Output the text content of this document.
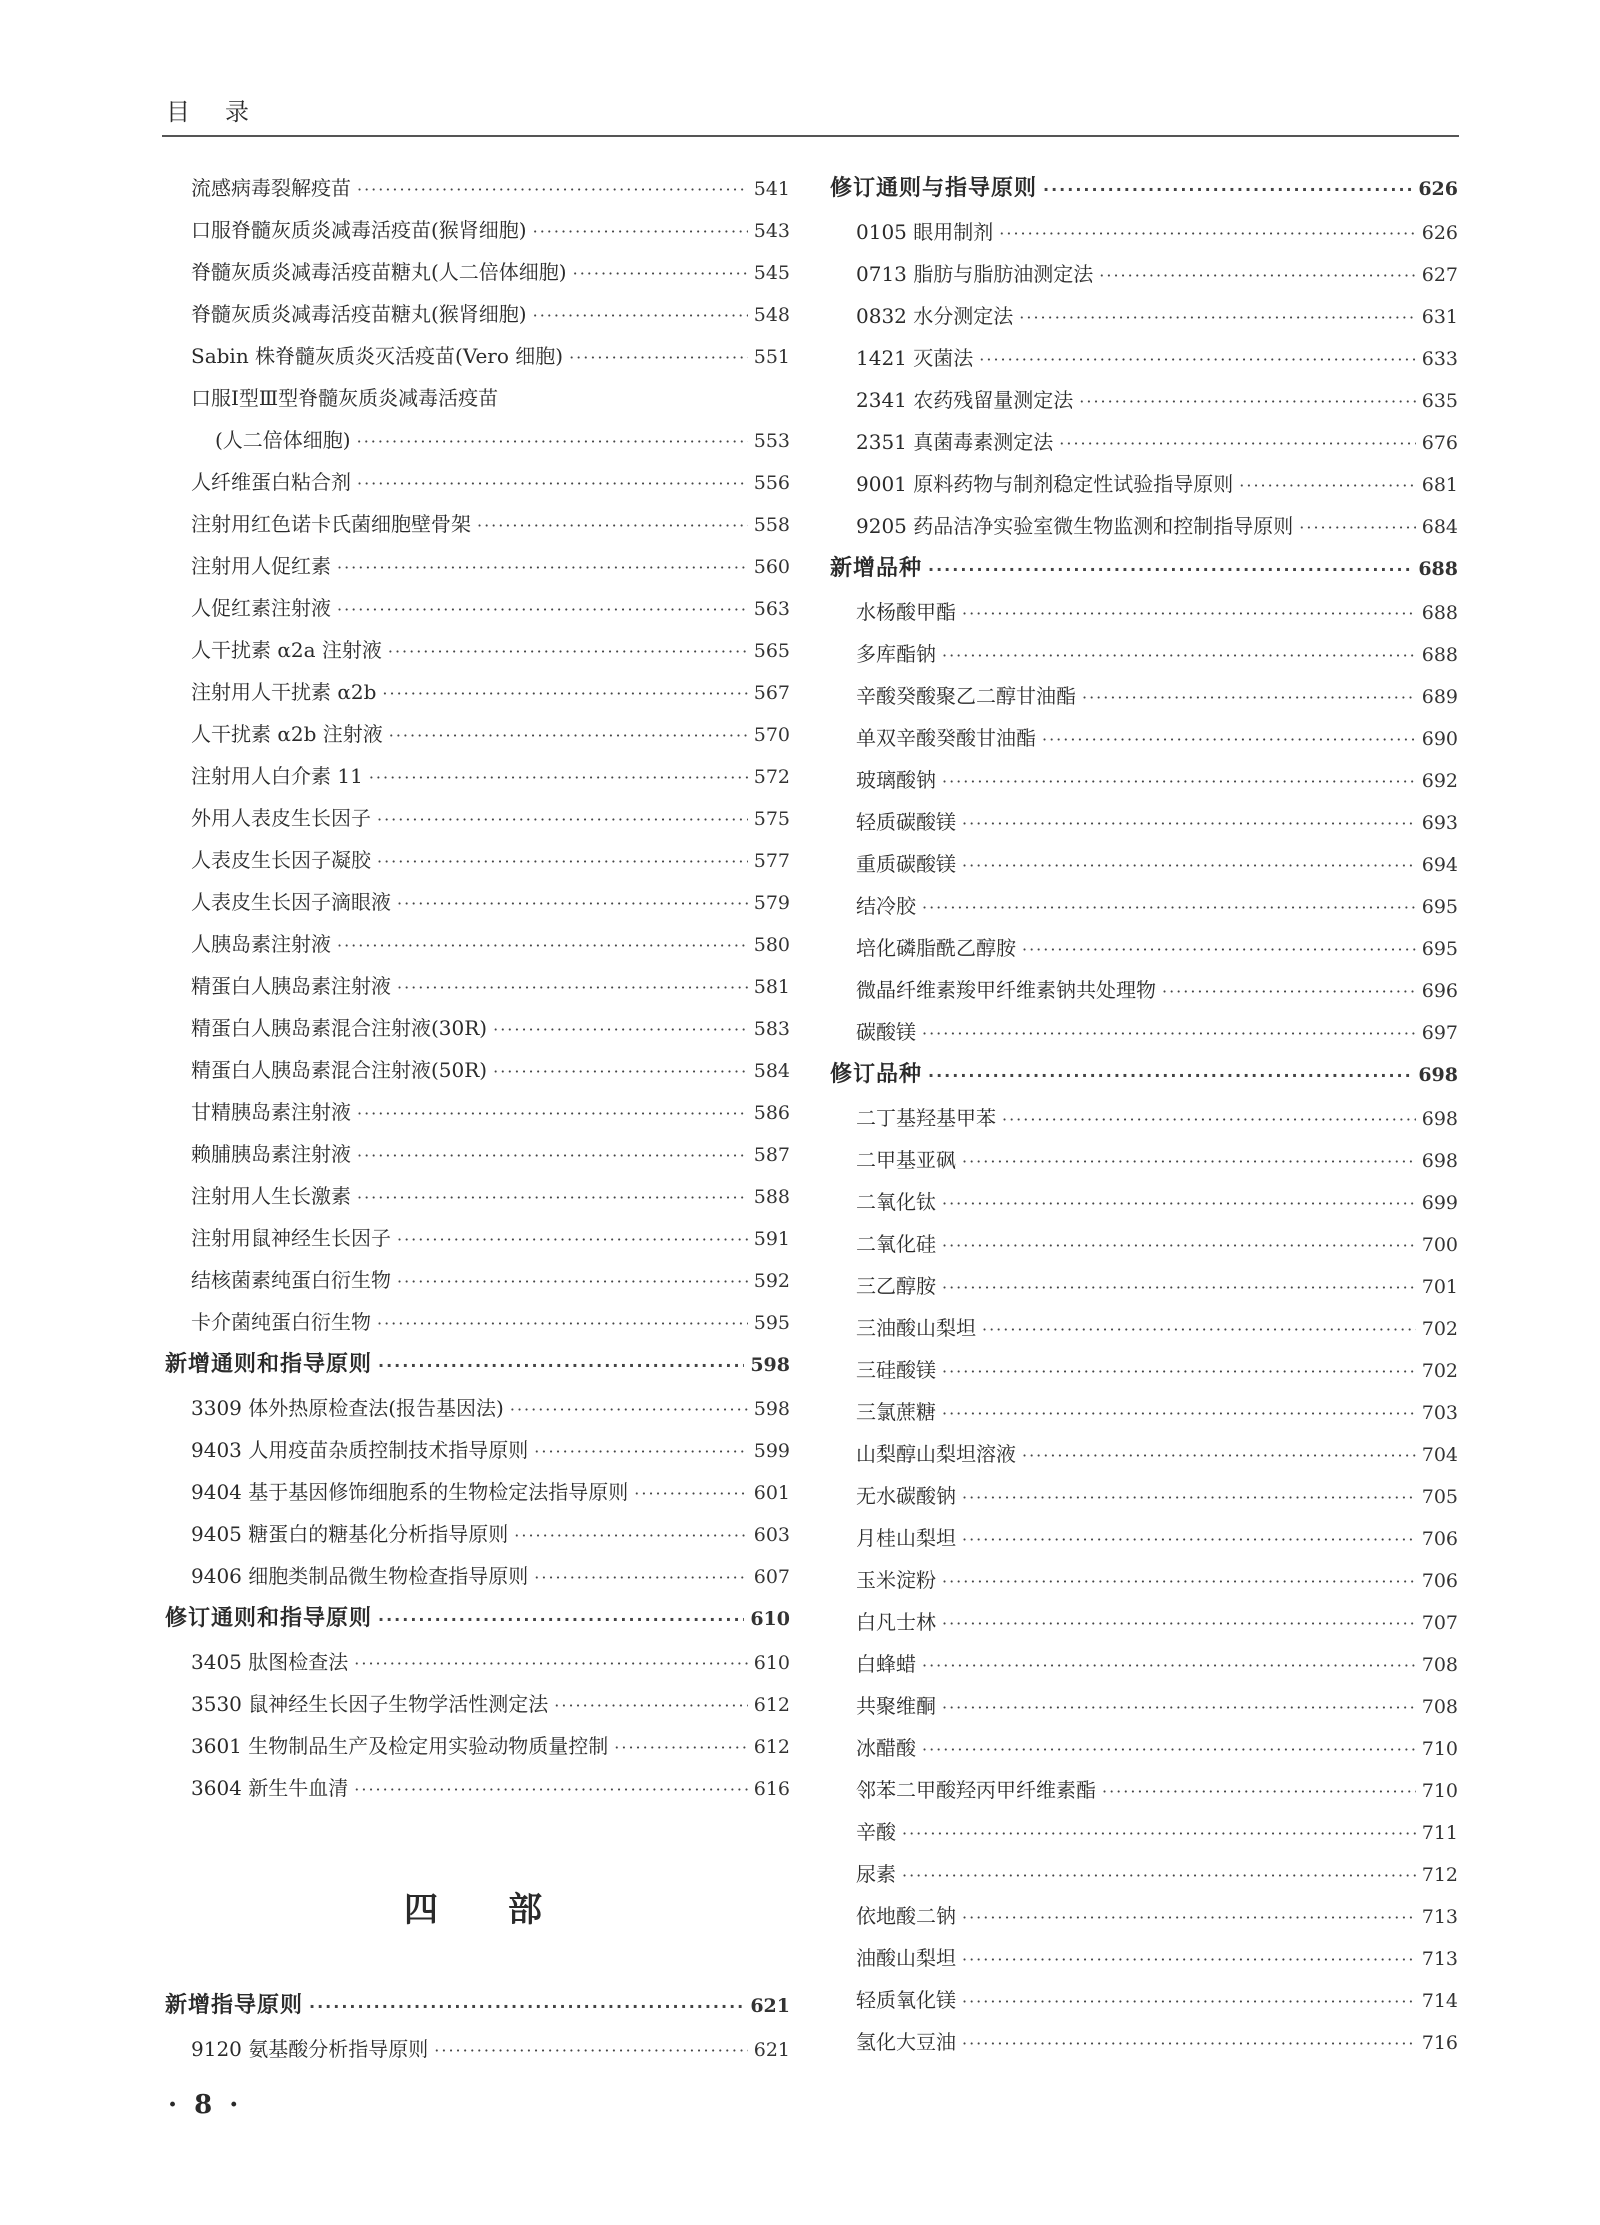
目 录
流感病毒裂解疫苗 ·····	541
口服脊髓灰质炎减毒活疫苗(猴肾细胞) ·····	543
脊髓灰质炎减毒活疫苗糖丸(人二倍体细胞) ·····	545
脊髓灰质炎减毒活疫苗糖丸(猴肾细胞) ·····	548
Sabin 株脊髓灰质炎灭活疫苗(Vero 细胞) ·····	551
口服Ⅰ型Ⅲ型脊髓灰质炎减毒活疫苗
(人二倍体细胞) ·····	553
人纤维蛋白粘合剂 ·····	556
注射用红色诺卡氏菌细胞壁骨架 ·····	558
注射用人促红素 ·····	560
人促红素注射液 ·····	563
人干扰素 α2a 注射液 ·····	565
注射用人干扰素 α2b ·····	567
人干扰素 α2b 注射液 ·····	570
注射用人白介素 11 ·····	572
外用人表皮生长因子 ·····	575
人表皮生长因子凝胶 ·····	577
人表皮生长因子滴眼液 ·····	579
人胰岛素注射液 ·····	580
精蛋白人胰岛素注射液 ·····	581
精蛋白人胰岛素混合注射液(30R) ·····	583
精蛋白人胰岛素混合注射液(50R) ·····	584
甘精胰岛素注射液 ·····	586
赖脯胰岛素注射液 ·····	587
注射用人生长激素 ·····	588
注射用鼠神经生长因子 ·····	591
结核菌素纯蛋白衍生物 ·····	592
卡介菌纯蛋白衍生物 ·····	595
新增通则和指导原则 ·····	598
3309 体外热原检查法(报告基因法) ·····	598
9403 人用疫苗杂质控制技术指导原则 ·····	599
9404 基于基因修饰细胞系的生物检定法指导原则 ·····	601
9405 糖蛋白的糖基化分析指导原则 ·····	603
9406 细胞类制品微生物检查指导原则 ·····	607
修订通则和指导原则 ·····	610
3405 肽图检查法 ·····	610
3530 鼠神经生长因子生物学活性测定法 ·····	612
3601 生物制品生产及检定用实验动物质量控制 ·····	612
3604 新生牛血清 ·····	616
四部
新增指导原则 ·····	621
9120 氨基酸分析指导原则 ·····	621
修订通则与指导原则 ·····	626
0105 眼用制剂 ·····	626
0713 脂肪与脂肪油测定法 ·····	627
0832 水分测定法 ·····	631
1421 灭菌法 ·····	633
2341 农药残留量测定法 ·····	635
2351 真菌毒素测定法 ·····	676
9001 原料药物与制剂稳定性试验指导原则 ·····	681
9205 药品洁净实验室微生物监测和控制指导原则 ·····	684
新增品种 ·····	688
水杨酸甲酯 ·····	688
多库酯钠 ·····	688
辛酸癸酸聚乙二醇甘油酯 ·····	689
单双辛酸癸酸甘油酯 ·····	690
玻璃酸钠 ·····	692
轻质碳酸镁 ·····	693
重质碳酸镁 ·····	694
结冷胶 ·····	695
培化磷脂酰乙醇胺 ·····	695
微晶纤维素羧甲纤维素钠共处理物 ·····	696
碳酸镁 ·····	697
修订品种 ·····	698
二丁基羟基甲苯 ·····	698
二甲基亚砜 ·····	698
二氧化钛 ·····	699
二氧化硅 ·····	700
三乙醇胺 ·····	701
三油酸山梨坦 ·····	702
三硅酸镁 ·····	702
三氯蔗糖 ·····	703
山梨醇山梨坦溶液 ·····	704
无水碳酸钠 ·····	705
月桂山梨坦 ·····	706
玉米淀粉 ·····	706
白凡士林 ·····	707
白蜂蜡 ·····	708
共聚维酮 ·····	708
冰醋酸 ·····	710
邻苯二甲酸羟丙甲纤维素酯 ·····	710
辛酸 ·····	711
尿素 ·····	712
依地酸二钠 ·····	713
油酸山梨坦 ·····	713
轻质氧化镁 ·····	714
氢化大豆油 ·····	716
· 8 ·
